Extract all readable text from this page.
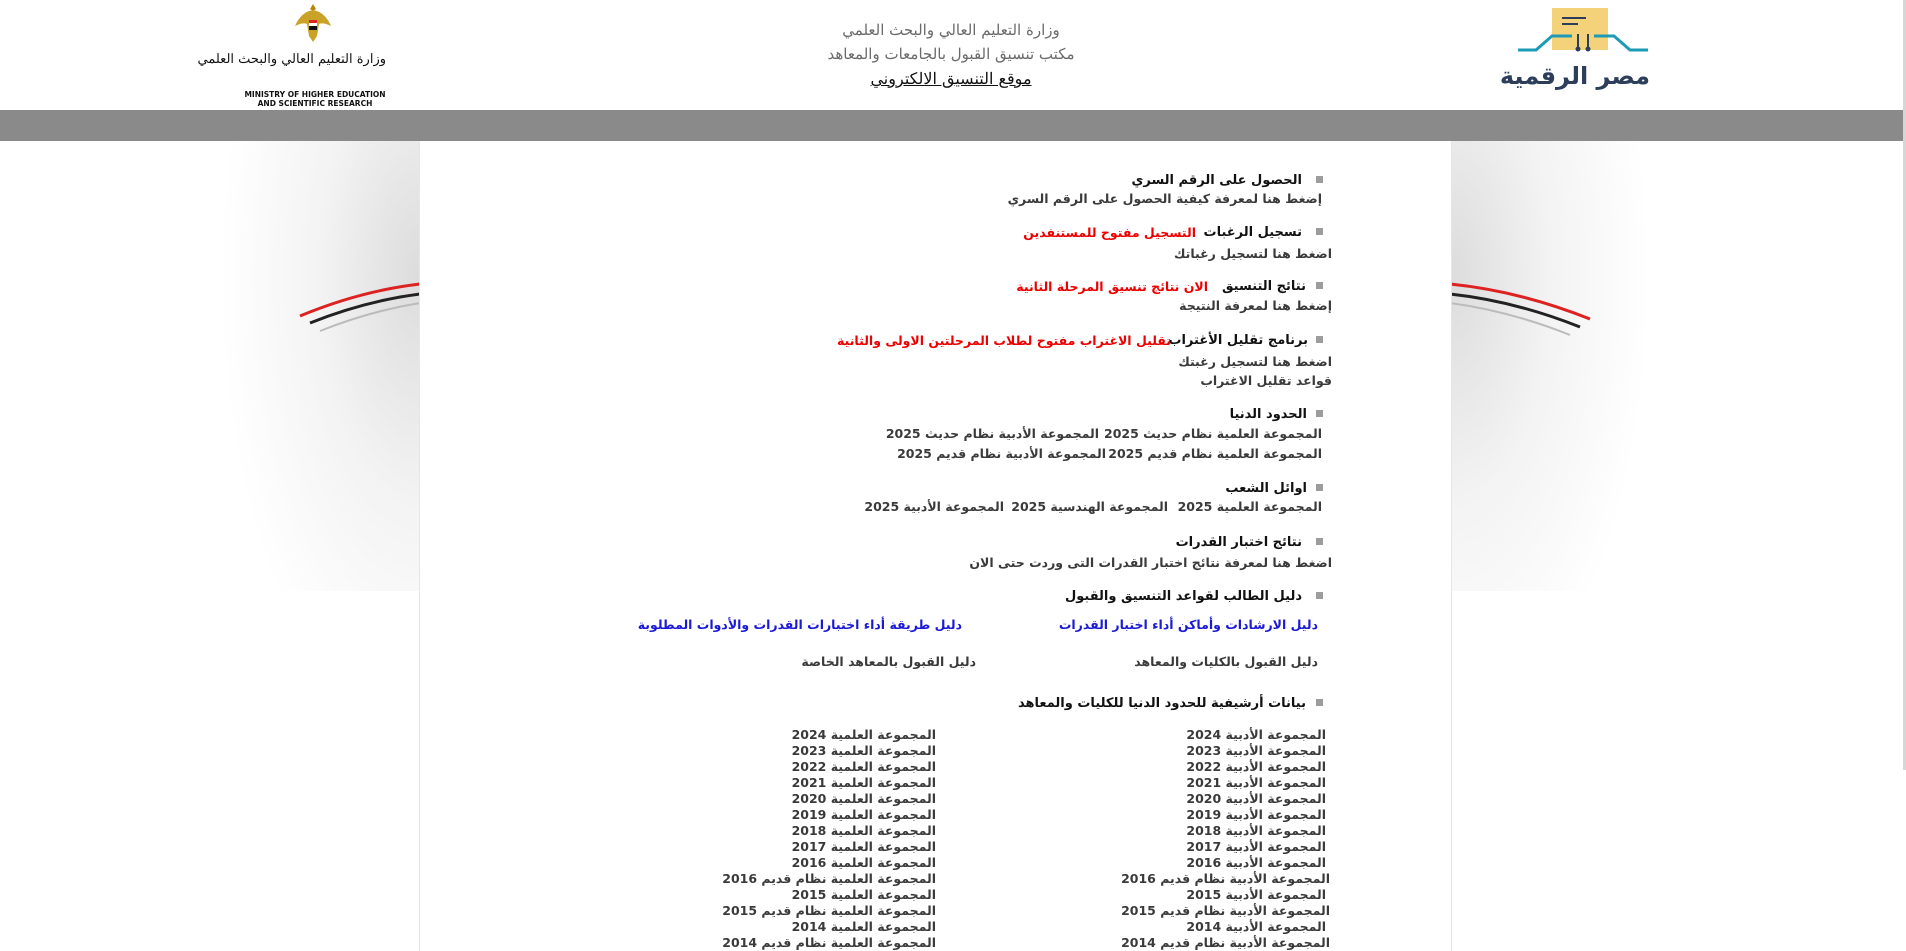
وزارة التعليم العالي والبحث العلمي
MINISTRY OF HIGHER EDUCATION
AND SCIENTIFIC RESEARCH
وزارة التعليم العالي والبحث العلمي
مكتب تنسيق القبول بالجامعات والمعاهد
موقع التنسيق الالكتروني	مصر الرقمية
الحصول على الرقم السري
إضغط هنا لمعرفة كيفية الحصول على الرقم السري
تسجيل الرغبات
التسجيل مفتوح للمستنفدين
اضغط هنا لتسجيل رغباتك
نتائج التنسيق
الان نتائج تنسيق المرحلة الثانية
إضغط هنا لمعرفة النتيجة
برنامج تقليل الأغتراب
تقليل الاغتراب مفتوح لطلاب المرحلتين الاولى والثانية
اضغط هنا لتسجيل رغبتك
قواعد تقليل الاغتراب
الحدود الدنيا
المجموعة العلمية نظام حديث 2025
المجموعة الأدبية نظام حديث 2025
المجموعة العلمية نظام قديم 2025
المجموعة الأدبية نظام قديم 2025
اوائل الشعب
المجموعة العلمية 2025
المجموعة الهندسية 2025
المجموعة الأدبية 2025
نتائج اختبار القدرات
اضغط هنا لمعرفة نتائج اختبار القدرات التى وردت حتى الان
دليل الطالب لقواعد التنسيق والقبول
دليل الارشادات وأماكن أداء اختبار القدرات
دليل طريقة أداء اختبارات القدرات والأدوات المطلوبة
دليل القبول بالكليات والمعاهد
دليل القبول بالمعاهد الخاصة
بيانات أرشيفية للحدود الدنيا للكليات والمعاهد
المجموعة الأدبية 2024
المجموعة الأدبية 2023
المجموعة الأدبية 2022
المجموعة الأدبية 2021
المجموعة الأدبية 2020
المجموعة الأدبية 2019
المجموعة الأدبية 2018
المجموعة الأدبية 2017
المجموعة الأدبية 2016
المجموعة الأدبية نظام قديم 2016
المجموعة الأدبية 2015
المجموعة الأدبية نظام قديم 2015
المجموعة الأدبية 2014
المجموعة الأدبية نظام قديم 2014
المجموعة العلمية 2024
المجموعة العلمية 2023
المجموعة العلمية 2022
المجموعة العلمية 2021
المجموعة العلمية 2020
المجموعة العلمية 2019
المجموعة العلمية 2018
المجموعة العلمية 2017
المجموعة العلمية 2016
المجموعة العلمية نظام قديم 2016
المجموعة العلمية 2015
المجموعة العلمية نظام قديم 2015
المجموعة العلمية 2014
المجموعة العلمية نظام قديم 2014
